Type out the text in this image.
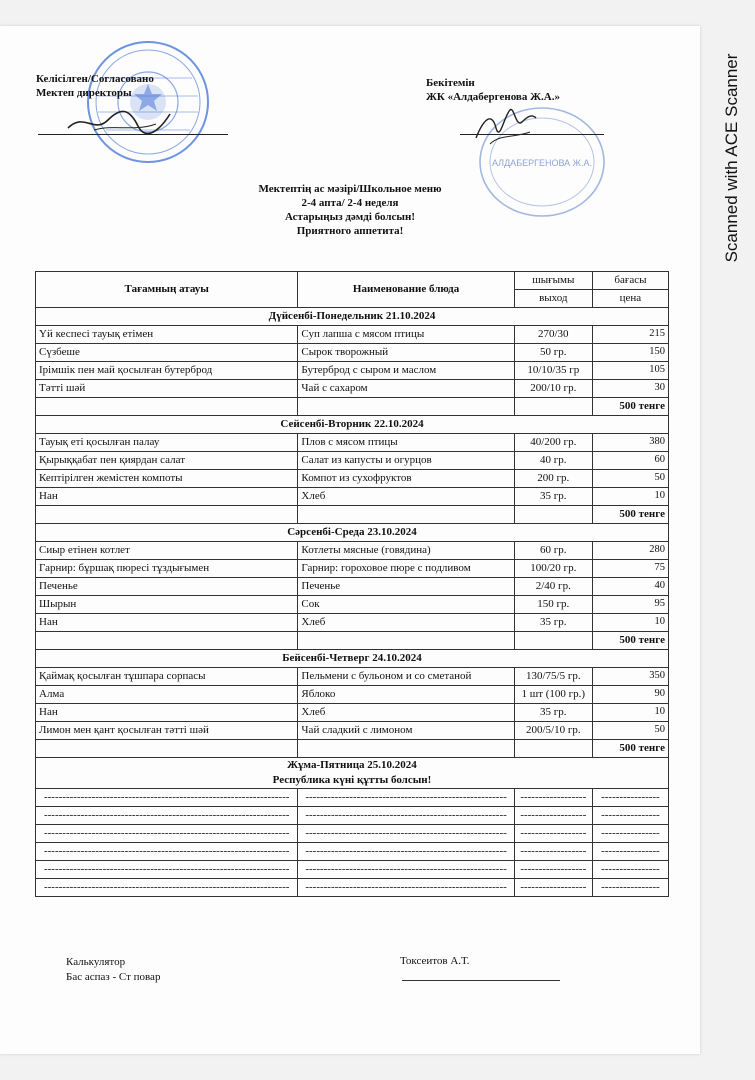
Scanned with ACE Scanner
АЛДАБЕРГЕНОВА Ж.А.
Келісілген/Согласовано
Мектеп директоры
Бекітемін
ЖК «Алдабергенова Ж.А.»
Мектептің ас мәзірі/Школьное меню
2-4 апта/ 2-4 неделя
Астарыңыз дәмді болсын!
Приятного аппетита!
Тағамның атауы	Наименование блюда	шығымы	бағасы
		выход	цена
Дүйсенбі-Понедельник 21.10.2024			
Үй кеспесі тауық етімен	Суп лапша с мясом птицы	270/30	215
Сүзбеше	Сырок творожный	50 гр.	150
Ірімшік пен май қосылған бутерброд	Бутерброд с сыром и маслом	10/10/35 гр	105
Тәтті шәй	Чай с сахаром	200/10 гр.	30
			500 тенге
Сейсенбі-Вторник 22.10.2024			
Тауық еті қосылған палау	Плов с мясом птицы	40/200 гр.	380
Қырыққабат пен қиярдан салат	Салат из капусты и огурцов	40 гр.	60
Кептірілген жемістен компоты	Компот из сухофруктов	200 гр.	50
Нан	Хлеб	35 гр.	10
			500 тенге
Сәрсенбі-Среда 23.10.2024			
Сиыр етінен котлет	Котлеты мясные (говядина)	60 гр.	280
Гарнир: бұршақ пюресі тұздығымен	Гарнир: гороховое пюре с подливом	100/20 гр.	75
Печенье	Печенье	2/40 гр.	40
Шырын	Сок	150 гр.	95
Нан	Хлеб	35 гр.	10
			500 тенге
Бейсенбі-Четверг 24.10.2024			
Қаймақ қосылған тұшпара сорпасы	Пельмени с бульоном и со сметаной	130/75/5 гр.	350
Алма	Яблоко	1 шт (100 гр.)	90
Нан	Хлеб	35 гр.	10
Лимон мен қант қосылған тәтті шәй	Чай сладкий с лимоном	200/5/10 гр.	50
			500 тенге

Жұма-Пятница 25.10.2024
Республика күні құтты болсын!			

-------------------------------------------------------------------	-------------------------------------------------------	------------------	----------------
-------------------------------------------------------------------	-------------------------------------------------------	------------------	----------------
-------------------------------------------------------------------	-------------------------------------------------------	------------------	----------------
-------------------------------------------------------------------	-------------------------------------------------------	------------------	----------------
-------------------------------------------------------------------	-------------------------------------------------------	------------------	----------------
-------------------------------------------------------------------	-------------------------------------------------------	------------------	----------------
Калькулятор
Бас аспаз - Ст повар
Токсеитов А.Т.
